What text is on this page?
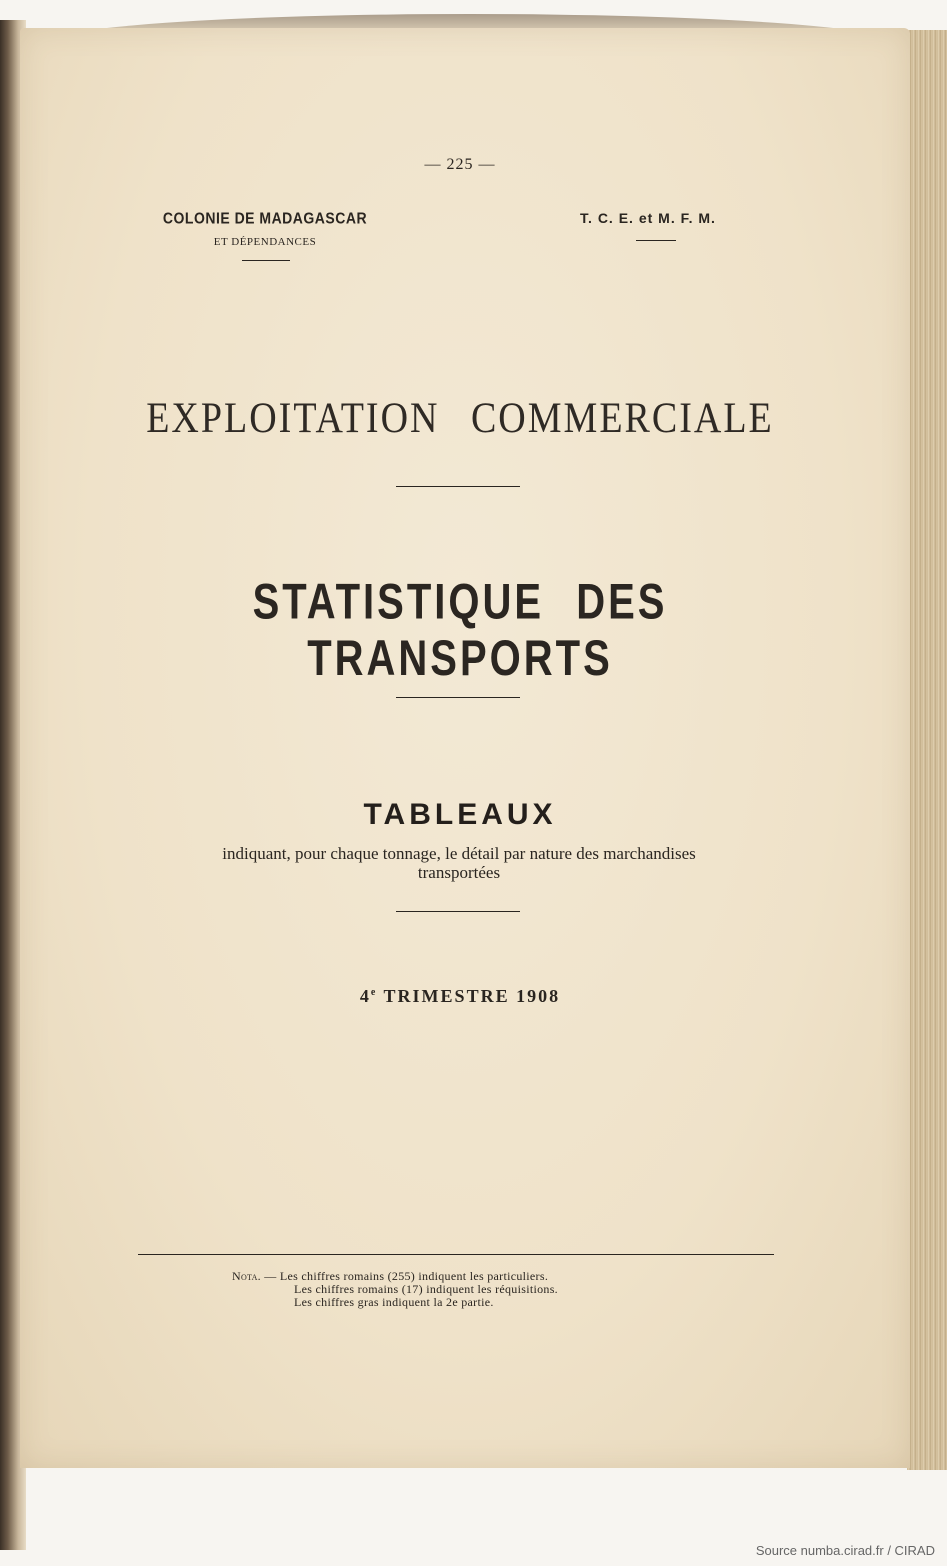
— 225 —
COLONIE DE MADAGASCAR
ET DÉPENDANCES
T. C. E. et M. F. M.
EXPLOITATION COMMERCIALE
STATISTIQUE DES TRANSPORTS
TABLEAUX
indiquant, pour chaque tonnage, le détail par nature des marchandises
transportées
4e TRIMESTRE 1908
Nota. — Les chiffres romains (255) indiquent les particuliers.
Les chiffres romains (17) indiquent les réquisitions.
Les chiffres gras indiquent la 2e partie.
Source numba.cirad.fr / CIRAD
